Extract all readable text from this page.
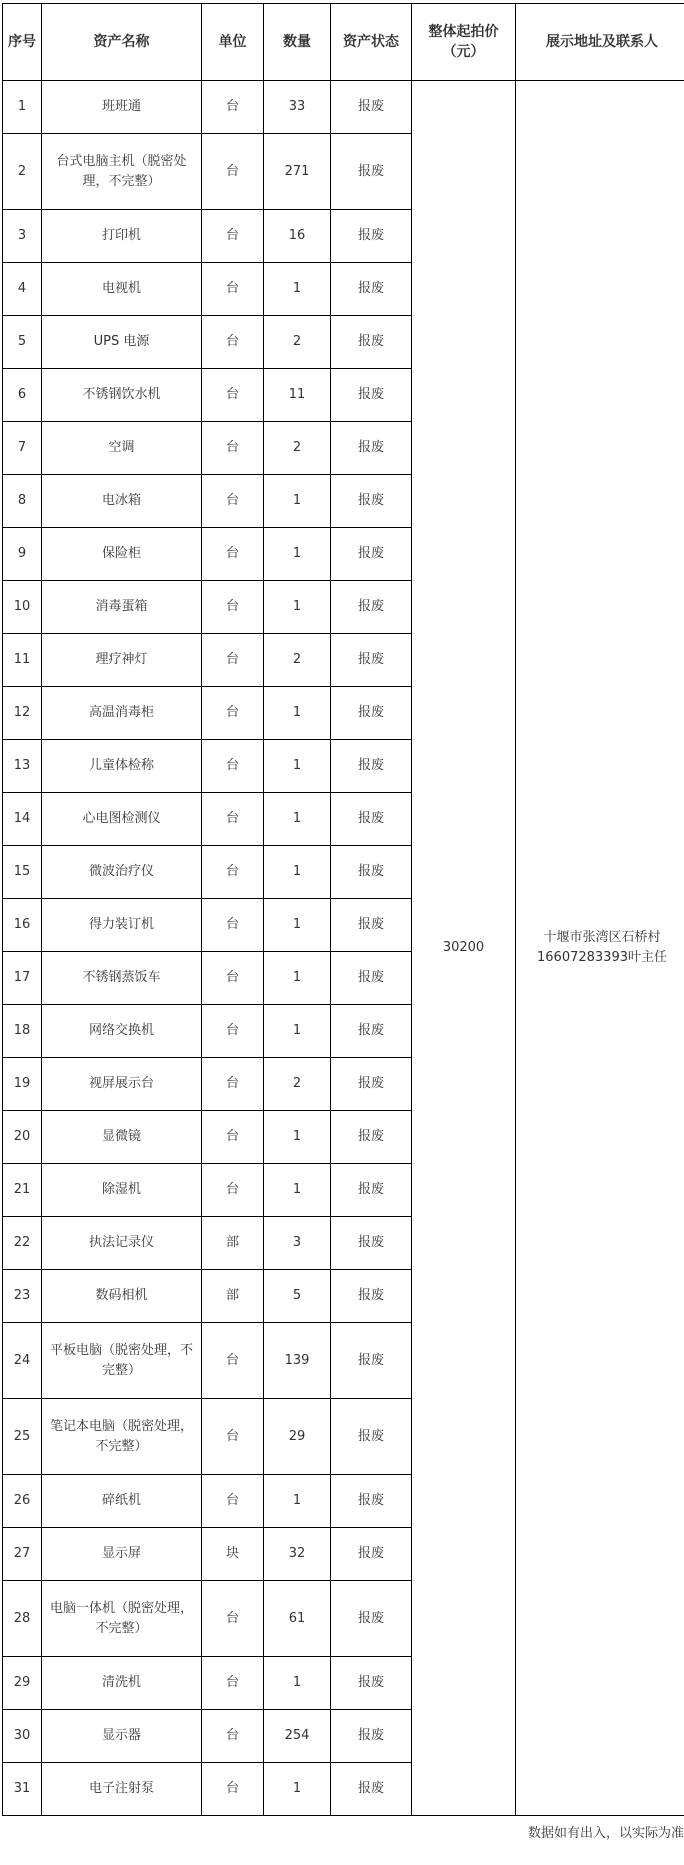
序号	资产名称	单位	数量	资产状态	整体起拍价（元）	展示地址及联系人
1	班班通	台	33	报废	30200	十堰市张湾区石桥村
16607283393叶主任

2	台式电脑主机（脱密处理，不完整）	台	271	报废		
3	打印机	台	16	报废		
4	电视机	台	1	报废		
5	UPS 电源	台	2	报废		
6	不锈钢饮水机	台	11	报废		
7	空调	台	2	报废		
8	电冰箱	台	1	报废		
9	保险柜	台	1	报废		
10	消毒蛋箱	台	1	报废		
11	理疗神灯	台	2	报废		
12	高温消毒柜	台	1	报废		
13	儿童体检称	台	1	报废		
14	心电图检测仪	台	1	报废		
15	微波治疗仪	台	1	报废		
16	得力装订机	台	1	报废		
17	不锈钢蒸饭车	台	1	报废		
18	网络交换机	台	1	报废		
19	视屏展示台	台	2	报废		
20	显微镜	台	1	报废		
21	除湿机	台	1	报废		
22	执法记录仪	部	3	报废		
23	数码相机	部	5	报废		
24	平板电脑（脱密处理，不完整）	台	139	报废		
25	笔记本电脑（脱密处理，不完整）	台	29	报废		
26	碎纸机	台	1	报废		
27	显示屏	块	32	报废		
28	电脑一体机（脱密处理，不完整）	台	61	报废		
29	清洗机	台	1	报废		
30	显示器	台	254	报废		
31	电子注射泵	台	1	报废		
数据如有出入，以实际为准
